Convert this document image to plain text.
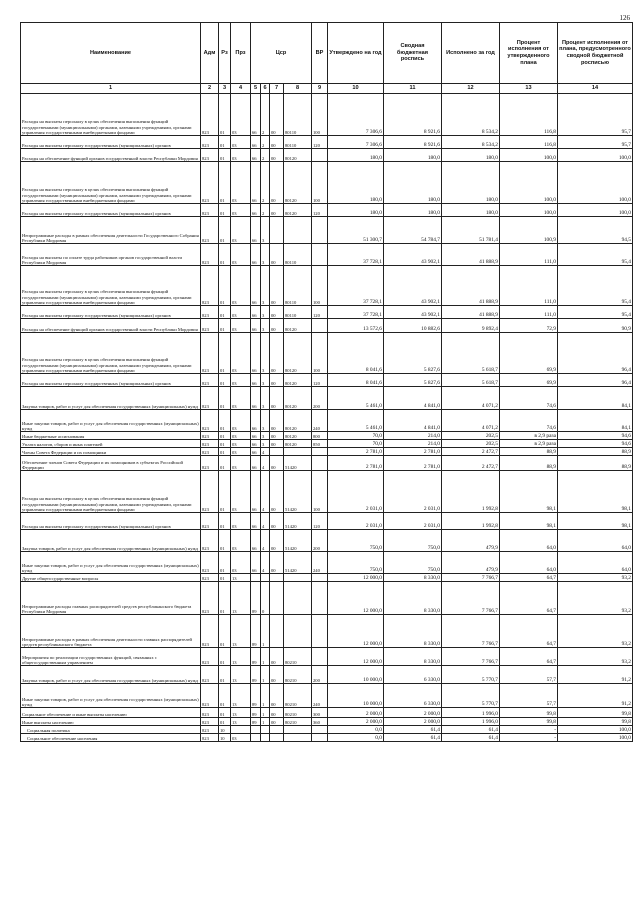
126
Наименование	Адм	Рз	Прз	Цср				ВР	Утверждено на год	Сводная бюджетная роспись	Исполнено за год	Процент исполнения от утвержденного плана	Процент исполнения от плана, предусмотренного сводной бюджетной росписью
1	2	3	4	5	6	7	8	9	10	11	12	13	14
Расходы на выплаты персоналу в целях обеспечения выполнения функций государственными (муниципальными) органами, казенными учреждениями, органами управления государственными внебюджетными фондами	823	01	03	66	2	00	80110	100	7 306,6	8 921,6	8 534,2	116,8	95,7
Расходы на выплаты персоналу государственных (муниципальных) органов	823	01	03	66	2	00	80110	120	7 306,6	8 921,6	8 534,2	116,8	95,7
Расходы на обеспечение функций органов государственной власти Республики Мордовия	823	01	03	66	2	00	80120		180,0	180,0	180,0	100,0	100,0
Расходы на выплаты персоналу в целях обеспечения выполнения функций государственными (муниципальными) органами, казенными учреждениями, органами управления государственными внебюджетными фондами	823	01	03	66	2	00	80120	100	180,0	180,0	180,0	100,0	100,0
Расходы на выплаты персоналу государственных (муниципальных) органов	823	01	03	66	2	00	80120	120	180,0	180,0	180,0	100,0	100,0
Непрограммные расходы в рамках обеспечения деятельности Государственного Собрания Республики Мордовия	823	01	03	66	3				51 300,7	54 784,7	51 781,4	100,9	94,5
Расходы на выплаты по оплате труда работников органов государственной власти Республики Мордовия	823	01	03	66	3	00	80110		37 728,1	43 902,1	41 888,9	111,0	95,4
Расходы на выплаты персоналу в целях обеспечения выполнения функций государственными (муниципальными) органами, казенными учреждениями, органами управления государственными внебюджетными фондами	823	01	03	66	3	00	80110	100	37 728,1	43 902,1	41 888,9	111,0	95,4
Расходы на выплаты персоналу государственных (муниципальных) органов	823	01	03	66	3	00	80110	120	37 728,1	43 902,1	41 888,9	111,0	95,4
Расходы на обеспечение функций органов государственной власти Республики Мордовия	823	01	03	66	3	00	80120		13 572,6	10 882,6	9 892,4	72,9	90,9
Расходы на выплаты персоналу в целях обеспечения выполнения функций государственными (муниципальными) органами, казенными учреждениями, органами управления государственными внебюджетными фондами	823	01	03	66	3	00	80120	100	8 041,6	5 827,6	5 618,7	69,9	96,4
Расходы на выплаты персоналу государственных (муниципальных) органов	823	01	03	66	3	00	80120	120	8 041,6	5 827,6	5 618,7	69,9	96,4
Закупка товаров, работ и услуг для обеспечения государственных (муниципальных) нужд	823	01	03	66	3	00	80120	200	5 461,0	4 841,0	4 071,2	74,6	84,1
Иные закупки товаров, работ и услуг для обеспечения государственных (муниципальных) нужд	823	01	03	66	3	00	80120	240	5 461,0	4 841,0	4 071,2	74,6	84,1
Иные бюджетные ассигнования	823	01	03	66	3	00	80120	800	70,0	214,0	202,5	в 2,9 раза	94,6
Уплата налогов, сборов и иных платежей	823	01	03	66	3	00	80120	850	70,0	214,0	202,5	в 2,9 раза	94,6
Члены Совета Федерации и их помощники	823	01	03	66	4				2 781,0	2 781,0	2 472,7	88,9	88,9
Обеспечение членов Совета Федерации и их помощников в субъектах Российской Федерации	823	01	03	66	4	00	51420		2 781,0	2 781,0	2 472,7	88,9	88,9
Расходы на выплаты персоналу в целях обеспечения выполнения функций государственными (муниципальными) органами, казенными учреждениями, органами управления государственными внебюджетными фондами	823	01	03	66	4	00	51420	100	2 031,0	2 031,0	1 992,8	98,1	98,1
Расходы на выплаты персоналу государственных (муниципальных) органов	823	01	03	66	4	00	51420	120	2 031,0	2 031,0	1 992,8	98,1	98,1
Закупка товаров, работ и услуг для обеспечения государственных (муниципальных) нужд	823	01	03	66	4	00	51420	200	750,0	750,0	479,9	64,0	64,0
Иные закупки товаров, работ и услуг для обеспечения государственных (муниципальных) нужд	823	01	03	66	4	00	51420	240	750,0	750,0	479,9	64,0	64,0
Другие общегосударственные вопросы	823	01	13						12 000,0	8 330,0	7 766,7	64,7	93,2
Непрограммные расходы главных распорядителей средств республиканского бюджета Республики Мордовия	823	01	13	89	0				12 000,0	8 330,0	7 766,7	64,7	93,2
Непрограммные расходы в рамках обеспечения деятельности главных распорядителей средств республиканского бюджета	823	01	13	89	1				12 000,0	8 330,0	7 766,7	64,7	93,2
Мероприятия по реализации государственных функций, связанных с общегосударственным управлением	823	01	13	89	1	00	80210		12 000,0	8 330,0	7 766,7	64,7	93,2
Закупка товаров, работ и услуг для обеспечения государственных (муниципальных) нужд	823	01	13	89	1	00	80210	200	10 000,0	6 330,0	5 770,7	57,7	91,2
Иные закупки товаров, работ и услуг для обеспечения государственных (муниципальных) нужд	823	01	13	89	1	00	80210	240	10 000,0	6 330,0	5 770,7	57,7	91,2
Социальное обеспечение и иные выплаты населению	823	01	13	89	1	00	80210	300	2 000,0	2 000,0	1 996,0	99,8	99,8
Иные выплаты населению	823	01	13	89	1	00	80210	360	2 000,0	2 000,0	1 996,0	99,8	99,8
Социальная политика	823	10							0,0	61,4	61,4	-	100,0
Социальное обеспечение населения	823	10	03						0,0	61,4	61,4	-	100,0
